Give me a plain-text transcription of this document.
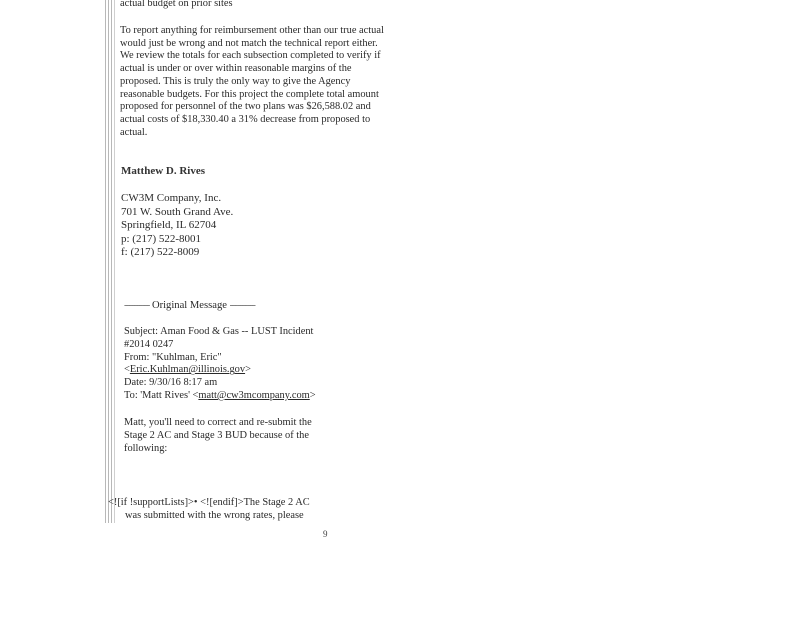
actual budget on prior sites

To report anything for reimbursement other than our true actual would just be wrong and not match the technical report either. We review the totals for each subsection completed to verify if actual is under or over within reasonable margins of the proposed. This is truly the only way to give the Agency reasonable budgets. For this project the complete total amount proposed for personnel of the two plans was $26,588.02 and actual costs of $18,330.40 a 31% decrease from proposed to actual.

Matthew D. Rives
CW3M Company, Inc.
701 W. South Grand Ave.
Springfield, IL 62704
p: (217) 522-8001
f: (217) 522-8009
---------- Original Message ----------
Subject: Aman Food & Gas -- LUST Incident
#2014 0247
From: "Kuhlman, Eric"
<Eric.Kuhlman@illinois.gov>
Date: 9/30/16 8:17 am
To: 'Matt Rives' <matt@cw3mcompany.com>
Matt, you'll need to correct and re-submit the
Stage 2 AC and Stage 3 BUD because of the
following:
<![if !supportLists]>• <![endif]>The Stage 2 AC
was submitted with the wrong rates, please
9
